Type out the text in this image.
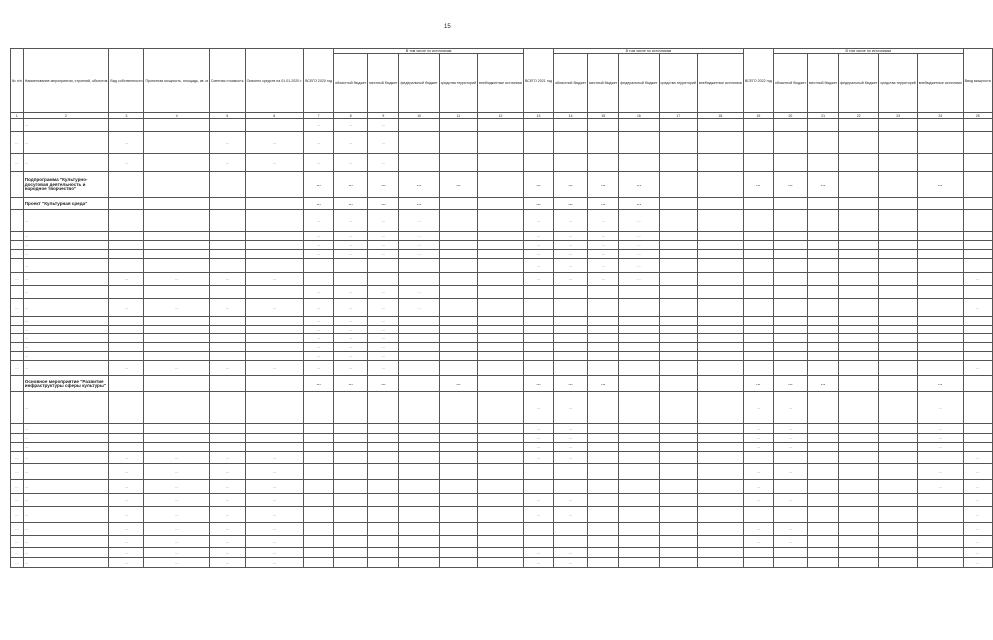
15
№ п/п	Наименование мероприятия, строений, объектов	Вид собственности	Проектная мощность, площадь, кв. м	Сметная стоимость	Освоено средств на 01.01.2020 г.	ВСЕГО 2020 год	В том числе по источникам					ВСЕГО 2021 год	В том числе по источникам					ВСЕГО 2022 год	В том числе по источникам					Ввод мощности
							областной бюджет	местный бюджет	федеральный бюджет	средства территорий	внебюджетные источники		областной бюджет	местный бюджет	федеральный бюджет	средства территорий	внебюджетные источники		областной бюджет	местный бюджет	федеральный бюджет	средства территорий	внебюджетные источники	
1	2	3	4	5	6	7	8	9	10	11	12	13	14	15	16	17	18	19	20	21	22	23	24	25
	…					…	…	…																
…	…	…		…	…	…	…	…																
…	…	…		…	…	…	…	…																
	Подпрограмма "Культурно-досуговая деятельность и народное творчество"					…	…	…	…	…		…	…	…	…			…	…	…			…	
	Проект "Культурная среда"					…	…	…	…			…	…	…	…									
	…					…	…	…	…			…	…	…	…									
	…					…	…	…	…			…	…	…	…									
	…					…	…	…	…			…	…	…	…									
	…					…	…	…	…			…	…	…	…									
	…											…	…	…	…									
…	…	…	…	…	…							…	…	…	…									…
	…					…	…	…	…															
…	…	…	…	…	…	…	…	…	…															…
	…					…	…	…																
	…					…	…	…																
	…					…	…	…																
	…					…	…	…																
	…					…	…	…																
…	…	…	…	…	…	…	…	…																…
	Основное мероприятие "Развитие инфраструктуры сферы культуры"					…	…	…		…		…	…	…				…	…	…			…	
	…											…	…					…	…				…	
	…											…	…					…	…				…	
	…											…	…					…	…				…	
	…											…	…					…	…				…	
…	…	…	…	…	…							…	…											…
…	…	…	…	…	…													…	…				…	…
…	…	…	…	…	…													…					…	…
…	…	…	…	…	…							…	…					…	…					…
…	…	…	…	…	…							…	…											…
…	…	…	…	…	…													…	…					…
…	…	…	…	…	…													…	…					…
…	…	…	…	…	…							…	…											…
…	…	…	…	…	…							…	…											…
